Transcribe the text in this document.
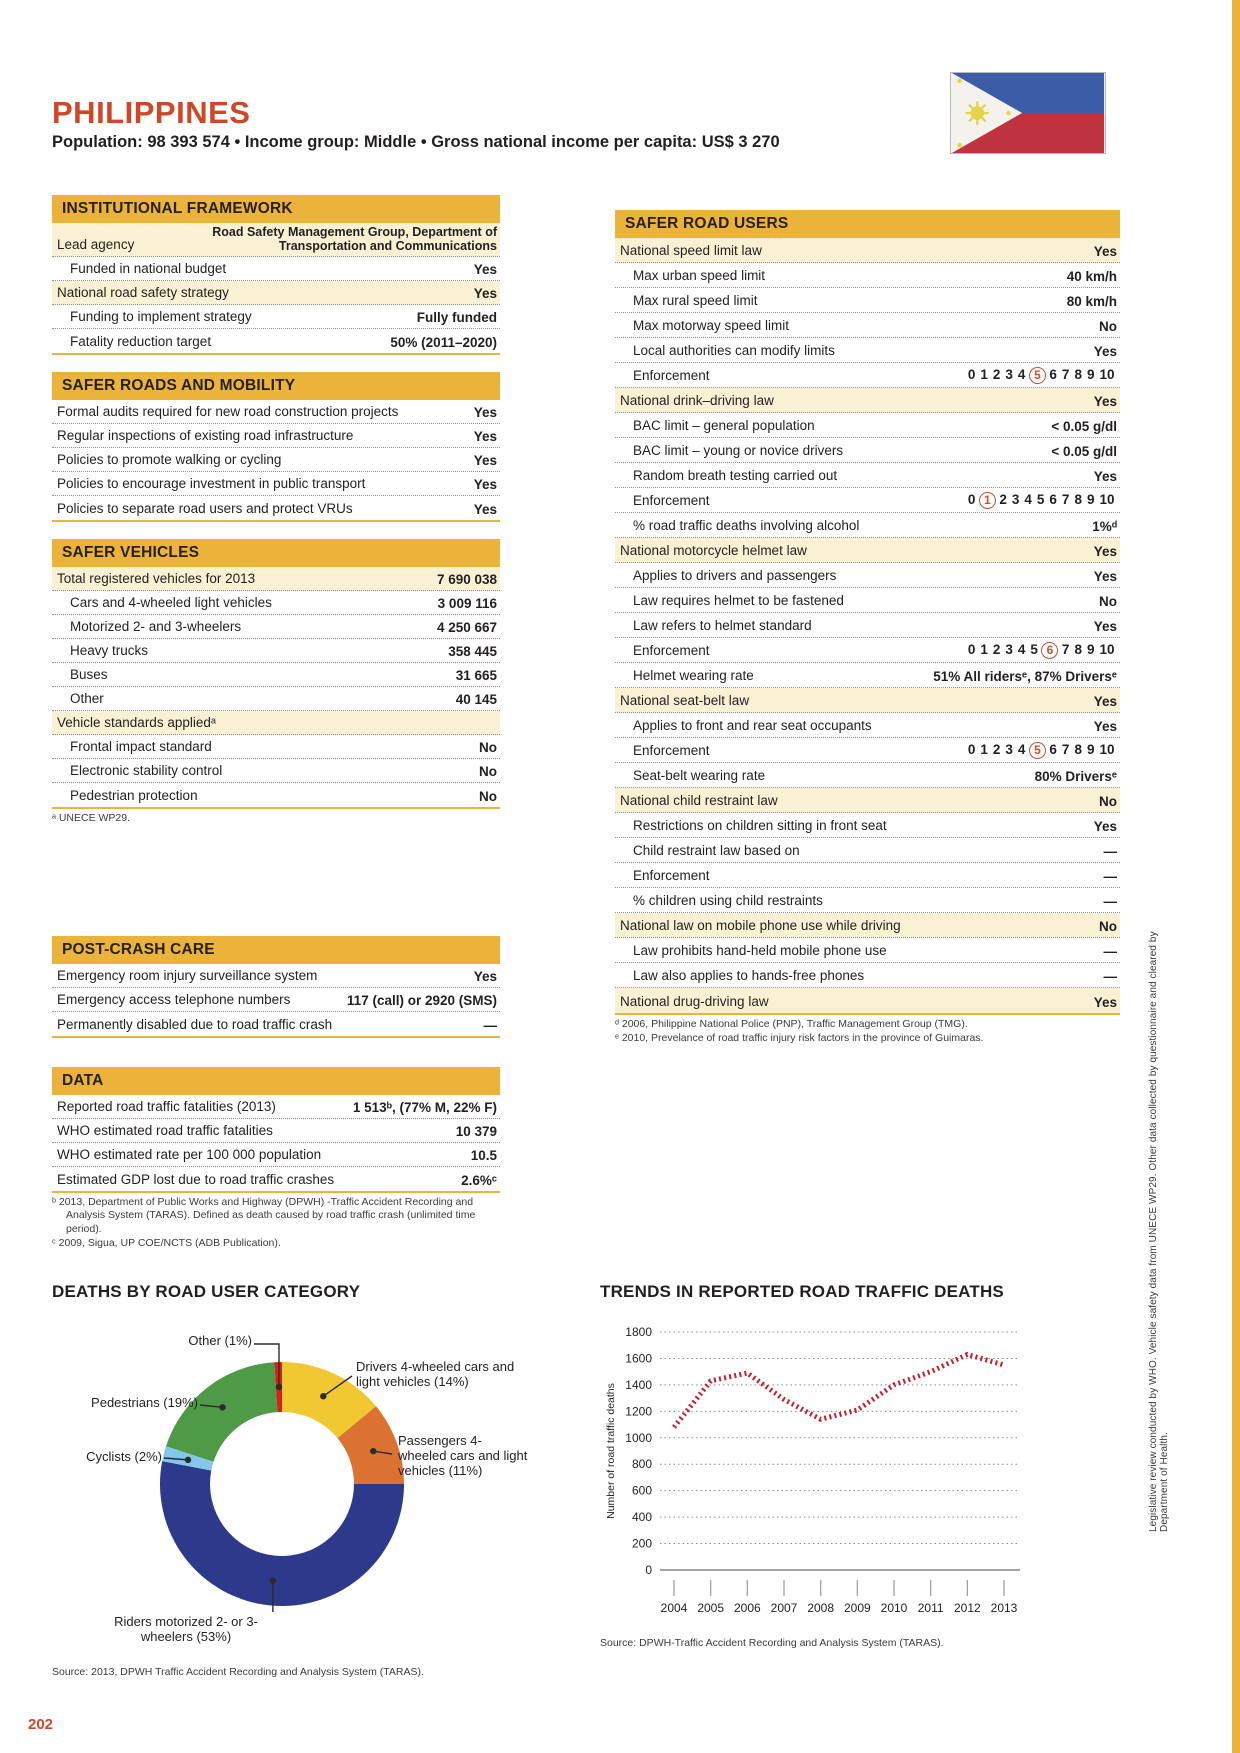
PHILIPPINES
Population: 98 393 574 • Income group: Middle • Gross national income per capita: US$ 3 270
INSTITUTIONAL FRAMEWORK
Lead agency
Road Safety Management Group, Department of Transportation and Communications
Funded in national budget	Yes
National road safety strategy	Yes
Funding to implement strategy	Fully funded
Fatality reduction target	50% (2011–2020)
SAFER ROADS AND MOBILITY
Formal audits required for new road construction projects	Yes
Regular inspections of existing road infrastructure	Yes
Policies to promote walking or cycling	Yes
Policies to encourage investment in public transport	Yes
Policies to separate road users and protect VRUs	Yes
SAFER VEHICLES
Total registered vehicles for 2013	7 690 038
Cars and 4-wheeled light vehicles	3 009 116
Motorized 2- and 3-wheelers	4 250 667
Heavy trucks	358 445
Buses	31 665
Other	40 145
Vehicle standards appliedᵃ
Frontal impact standard	No
Electronic stability control	No
Pedestrian protection	No
ᵃ UNECE WP29.
POST-CRASH CARE
Emergency room injury surveillance system	Yes
Emergency access telephone numbers	117 (call) or 2920 (SMS)
Permanently disabled due to road traffic crash	—
DATA
Reported road traffic fatalities (2013)	1 513ᵇ, (77% M, 22% F)
WHO estimated road traffic fatalities	10 379
WHO estimated rate per 100 000 population	10.5
Estimated GDP lost due to road traffic crashes	2.6%ᶜ
ᵇ 2013, Department of Public Works and Highway (DPWH) -Traffic Accident Recording and Analysis System (TARAS). Defined as death caused by road traffic crash (unlimited time period).
ᶜ 2009, Sigua, UP COE/NCTS (ADB Publication).
SAFER ROAD USERS
National speed limit law	Yes
Max urban speed limit	40 km/h
Max rural speed limit	80 km/h
Max motorway speed limit	No
Local authorities can modify limits	Yes
Enforcement	0 1 2 3 4 5 6 7 8 9 10
National drink–driving law	Yes
BAC limit – general population	< 0.05 g/dl
BAC limit – young or novice drivers	< 0.05 g/dl
Random breath testing carried out	Yes
Enforcement	0 1 2 3 4 5 6 7 8 9 10
% road traffic deaths involving alcohol	1%ᵈ
National motorcycle helmet law	Yes
Applies to drivers and passengers	Yes
Law requires helmet to be fastened	No
Law refers to helmet standard	Yes
Enforcement	0 1 2 3 4 5 6 7 8 9 10
Helmet wearing rate	51% All ridersᵉ, 87% Driversᵉ
National seat-belt law	Yes
Applies to front and rear seat occupants	Yes
Enforcement	0 1 2 3 4 5 6 7 8 9 10
Seat-belt wearing rate	80% Driversᵉ
National child restraint law	No
Restrictions on children sitting in front seat	Yes
Child restraint law based on	—
Enforcement	—
% children using child restraints	—
National law on mobile phone use while driving	No
Law prohibits hand-held mobile phone use	—
Law also applies to hands-free phones	—
National drug-driving law	Yes
ᵈ 2006, Philippine National Police (PNP), Traffic Management Group (TMG).
ᵉ 2010, Prevelance of road traffic injury risk factors in the province of Guimaras.
DEATHS BY ROAD USER CATEGORY
Drivers 4-wheeled cars and light vehicles (14%)
Passengers 4-wheeled cars and light vehicles (11%)
Riders motorized 2- or 3-wheelers (53%)
Cyclists (2%)
Pedestrians (19%)
Other (1%)
Source: 2013, DPWH Traffic Accident Recording and Analysis System (TARAS).
TRENDS IN REPORTED ROAD TRAFFIC DEATHS
0
200
400
600
800
1000
1200
1400
1600
1800
2004 2005 2006 2007 2008 2009 2010 2011 2012 2013
Number of road traffic deaths
Source: DPWH-Traffic Accident Recording and Analysis System (TARAS).
Legislative review conducted by WHO. Vehicle safety data from UNECE WP29. Other data collected by questionnaire and cleared by Department of Health.
202
